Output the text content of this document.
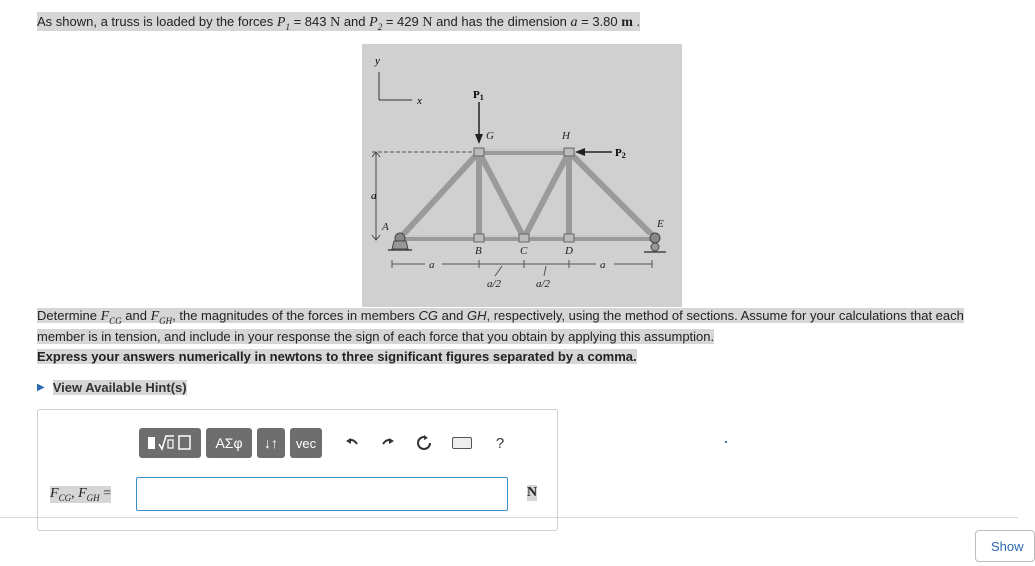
As shown, a truss is loaded by the forces $P_1 = 843$ N and $P_2 = 429$ N and has the dimension a = 3.80 m .
y
x
a
P1
P2
G	H
A
B	C	D
E
a	a
a/2	a/2
Determine $F_{CG}$ and $F_{GH}$, the magnitudes of the forces in members CG and GH, respectively, using the method of sections. Assume for your calculations that each member is in tension, and include in your response the sign of each force that you obtain by applying this assumption.
Express your answers numerically in newtons to three significant figures separated by a comma.
▶ View Available Hint(s)
ΑΣφ ↓↑ vec	?
$F_{CG}$, $F_{GH}$ =	N
Show
